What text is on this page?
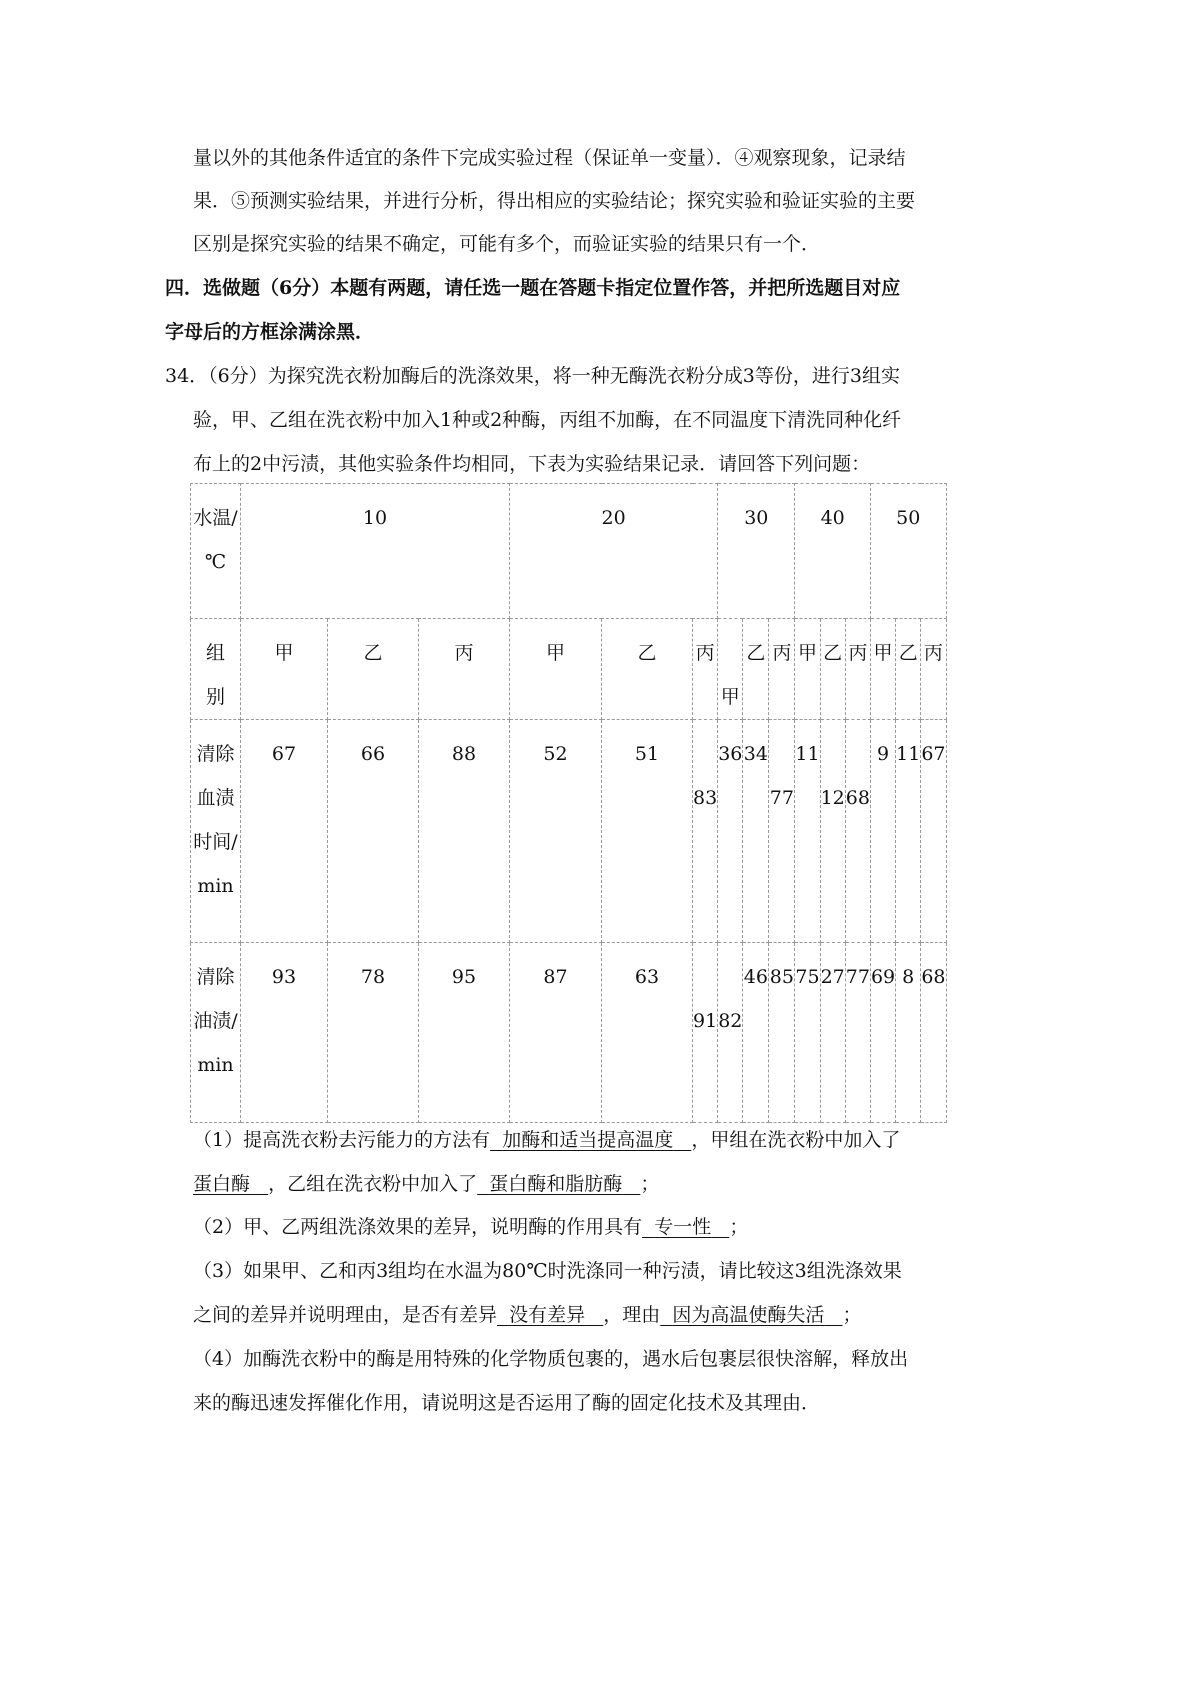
量以外的其他条件适宜的条件下完成实验过程（保证单一变量）．④观察现象，记录结
果．⑤预测实验结果，并进行分析，得出相应的实验结论；探究实验和验证实验的主要
区别是探究实验的结果不确定，可能有多个，而验证实验的结果只有一个．
四．选做题（6分）本题有两题，请任选一题在答题卡指定位置作答，并把所选题目对应
字母后的方框涂满涂黑．
34．（6分）为探究洗衣粉加酶后的洗涤效果，将一种无酶洗衣粉分成3等份，进行3组实
验，甲、乙组在洗衣粉中加入1种或2种酶，丙组不加酶，在不同温度下清洗同种化纤
布上的2中污渍，其他实验条件均相同，下表为实验结果记录．请回答下列问题：
水温/℃	10			20			30			40			50		
组别	甲	乙	丙	甲	乙	丙	甲	乙	丙	甲	乙	丙	甲	乙	丙
清除血渍时间/min	67	66	88	52	51	83	36	34	77	11	12	68	9	11	67
清除油渍/min	93	78	95	87	63	91	82	46	85	75	27	77	69	8	68
（1）提高洗衣粉去污能力的方法有 加酶和适当提高温度 ，甲组在洗衣粉中加入了
蛋白酶 ，乙组在洗衣粉中加入了 蛋白酶和脂肪酶 ；
（2）甲、乙两组洗涤效果的差异，说明酶的作用具有 专一性 ；
（3）如果甲、乙和丙3组均在水温为80℃时洗涤同一种污渍，请比较这3组洗涤效果
之间的差异并说明理由，是否有差异 没有差异 ，理由 因为高温使酶失活 ；
（4）加酶洗衣粉中的酶是用特殊的化学物质包裹的，遇水后包裹层很快溶解，释放出
来的酶迅速发挥催化作用，请说明这是否运用了酶的固定化技术及其理由．
